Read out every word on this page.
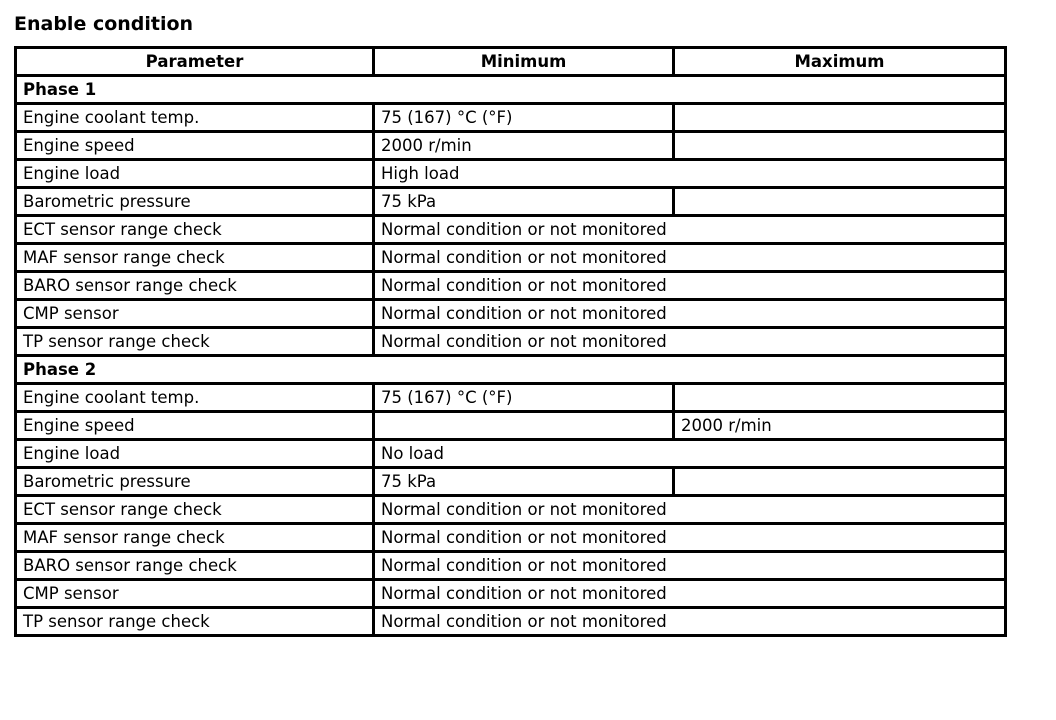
Enable condition
Parameter	Minimum	Maximum
Phase 1		
Engine coolant temp.	75 (167) °C (°F)	
Engine speed	2000 r/min	
Engine load	High load	
Barometric pressure	75 kPa	
ECT sensor range check	Normal condition or not monitored	
MAF sensor range check	Normal condition or not monitored	
BARO sensor range check	Normal condition or not monitored	
CMP sensor	Normal condition or not monitored	
TP sensor range check	Normal condition or not monitored	
Phase 2		
Engine coolant temp.	75 (167) °C (°F)	
Engine speed		2000 r/min
Engine load	No load	
Barometric pressure	75 kPa	
ECT sensor range check	Normal condition or not monitored	
MAF sensor range check	Normal condition or not monitored	
BARO sensor range check	Normal condition or not monitored	
CMP sensor	Normal condition or not monitored	
TP sensor range check	Normal condition or not monitored	
